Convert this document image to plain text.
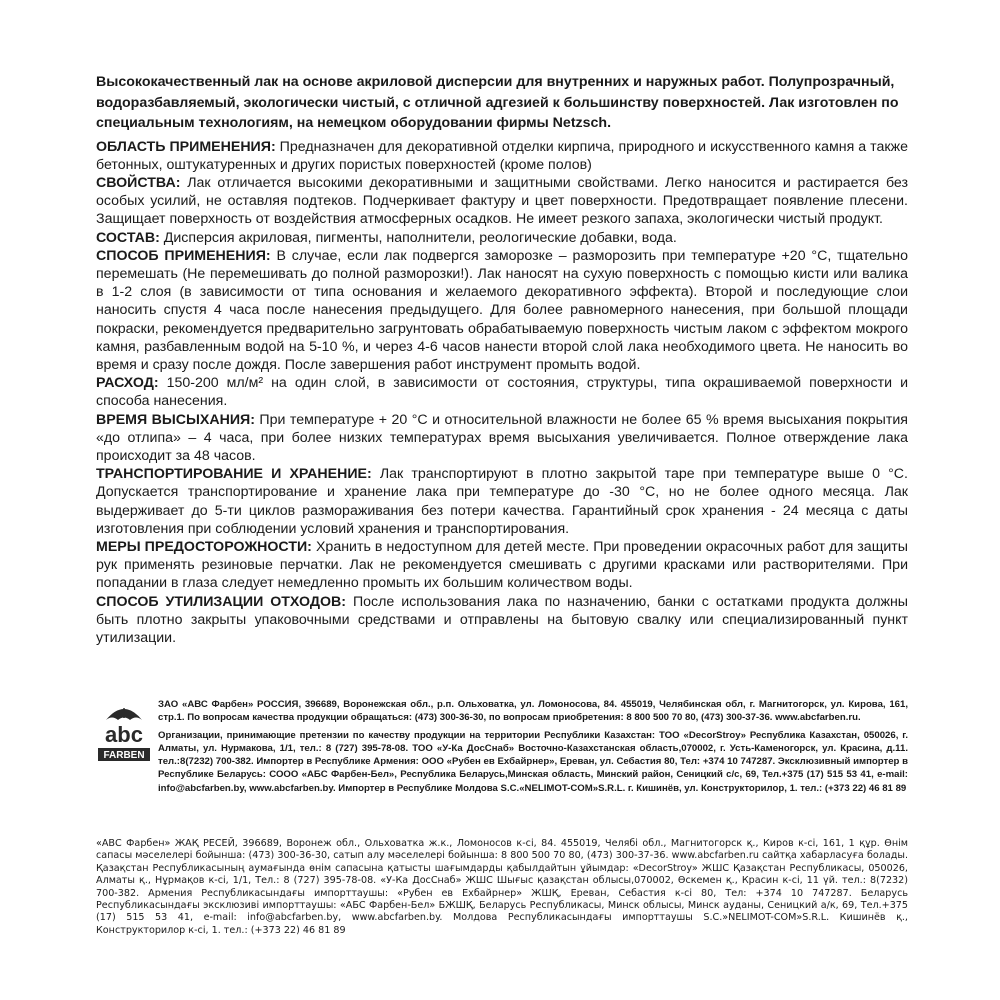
Высококачественный лак на основе акриловой дисперсии для внутренних и наружных работ. Полупрозрачный, водоразбавляемый, экологически чистый, с отличной адгезией к большинству поверхностей. Лак изготовлен по специальным технологиям, на немецком оборудовании фирмы Netzsch.

ОБЛАСТЬ ПРИМЕНЕНИЯ: Предназначен для декоративной отделки кирпича, природного и искусственного камня а также бетонных, оштукатуренных и других пористых поверхностей (кроме полов)

СВОЙСТВА: Лак отличается высокими декоративными и защитными свойствами. Легко наносится и растирается без особых усилий, не оставляя подтеков. Подчеркивает фактуру и цвет поверхности. Предотвращает появление плесени. Защищает поверхность от воздействия атмосферных осадков. Не имеет резкого запаха, экологически чистый продукт.

СОСТАВ: Дисперсия акриловая, пигменты, наполнители, реологические добавки, вода.

СПОСОБ ПРИМЕНЕНИЯ: В случае, если лак подвергся заморозке – разморозить при температуре +20 °C, тщательно перемешать (Не перемешивать до полной разморозки!). Лак наносят на сухую поверхность с помощью кисти или валика в 1-2 слоя (в зависимости от типа основания и желаемого декоративного эффекта). Второй и последующие слои наносить спустя 4 часа после нанесения предыдущего. Для более равномерного нанесения, при большой площади покраски, рекомендуется предварительно загрунтовать обрабатываемую поверхность чистым лаком с эффектом мокрого камня, разбавленным водой на 5-10 %, и через 4-6 часов нанести второй слой лака необходимого цвета. Не наносить во время и сразу после дождя. После завершения работ инструмент промыть водой.

РАСХОД: 150-200 мл/м² на один слой, в зависимости от состояния, структуры, типа окрашиваемой поверхности и способа нанесения.

ВРЕМЯ ВЫСЫХАНИЯ: При температуре + 20 °C и относительной влажности не более 65 % время высыхания покрытия «до отлипа» – 4 часа, при более низких температурах время высыхания увеличивается. Полное отверждение лака происходит за 48 часов.

ТРАНСПОРТИРОВАНИЕ И ХРАНЕНИЕ: Лак транспортируют в плотно закрытой таре при температуре выше 0 °C. Допускается транспортирование и хранение лака при температуре до -30 °C, но не более одного месяца. Лак выдерживает до 5-ти циклов размораживания без потери качества. Гарантийный срок хранения - 24 месяца с даты изготовления при соблюдении условий хранения и транспортирования.

МЕРЫ ПРЕДОСТОРОЖНОСТИ: Хранить в недоступном для детей месте. При проведении окрасочных работ для защиты рук применять резиновые перчатки. Лак не рекомендуется смешивать с другими красками или растворителями. При попадании в глаза следует немедленно промыть их большим количеством воды.

СПОСОБ УТИЛИЗАЦИИ ОТХОДОВ: После использования лака по назначению, банки с остатками продукта должны быть плотно закрыты упаковочными средствами и отправлены на бытовую свалку или специализированный пункт утилизации.

abc
FARBEN

ЗАО «АВС Фарбен» РОССИЯ, 396689, Воронежская обл., р.п. Ольховатка, ул. Ломоносова, 84. 455019, Челябинская обл, г. Магнитогорск, ул. Кирова, 161, стр.1. По вопросам качества продукции обращаться: (473) 300-36-30, по вопросам приобретения: 8 800 500 70 80, (473) 300-37-36. www.abcfarben.ru.

Организации, принимающие претензии по качеству продукции на территории Республики Казахстан: ТОО «DecorStroy» Республика Казахстан, 050026, г. Алматы, ул. Нурмакова, 1/1, тел.: 8 (727) 395-78-08. ТОО «У-Ка ДосСнаб» Восточно-Казахстанская область,070002, г. Усть-Каменогорск, ул. Красина, д.11. тел.:8(7232) 700-382. Импортер в Республике Армения: ООО «Рубен ев Exбайрнер», Ереван, ул. Себастия 80, Тел: +374 10 747287. Эксклюзивный импортер в Республике Беларусь: СООО «АБС Фарбен-Бел», Республика Беларусь,Минская область, Минский район, Сеницкий с/с, 69, Тел.+375 (17) 515 53 41, e-mail: info@abcfarben.by, www.abcfarben.by. Импортер в Республике Молдова S.C.«NELIMOT-COM»S.R.L. г. Кишинёв, ул. Конструкторилор, 1. тел.: (+373 22) 46 81 89

«АВС Фарбен» ЖАҚ РЕСЕЙ, 396689, Воронеж обл., Ольховатка ж.к., Ломоносов к-сі, 84. 455019, Челябі обл., Магнитогорск қ., Киров к-сі, 161, 1 құр. Өнім сапасы мәселелері бойынша: (473) 300-36-30, сатып алу мәселелері бойынша: 8 800 500 70 80, (473) 300-37-36. www.abcfarben.ru сайтқа хабарласуға болады. Қазақстан Республикасының аумағында өнім сапасына қатысты шағымдарды қабылдайтын ұйымдар: «DecorStroy» ЖШС Қазақстан Республикасы, 050026, Алматы қ., Нұрмақов к-сі, 1/1, Тел.: 8 (727) 395-78-08. «У-Ка ДосСнаб» ЖШС Шығыс қазақстан облысы,070002, Өскемен қ., Красин к-сі, 11 үй. тел.: 8(7232) 700-382. Армения Республикасындағы импорттаушы: «Рубен ев Exбайрнер» ЖШҚ, Ереван, Себастия к-сі 80, Тел: +374 10 747287. Беларусь Республикасындағы эксклюзиві импорттаушы: «АБС Фарбен-Бел» БЖШҚ, Беларусь Республикасы, Минск облысы, Минск ауданы, Сеницкий а/к, 69, Тел.+375 (17) 515 53 41, e-mail: info@abcfarben.by, www.abcfarben.by. Молдова Республикасындағы импорттаушы S.C.»NELIMOT-COM»S.R.L. Кишинёв қ., Конструкторилор к-сі, 1. тел.: (+373 22) 46 81 89
